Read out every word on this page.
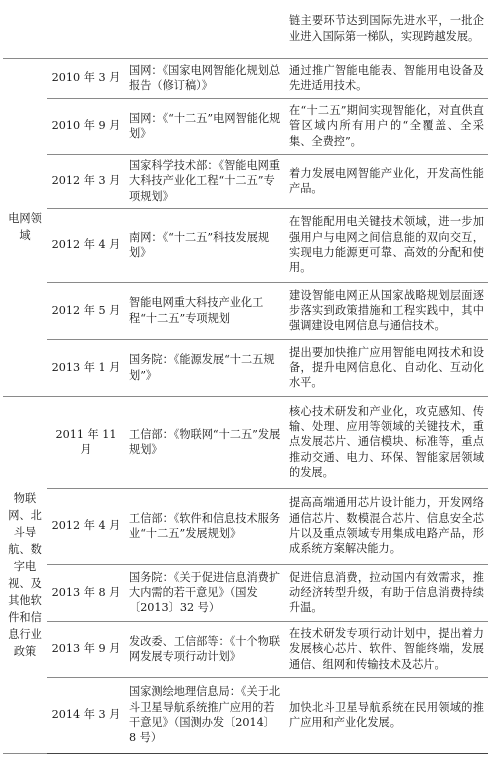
			链主要环节达到国际先进水平，一批企业进入国际第一梯队，实现跨越发展。
电网领域	2010 年 3 月	国网：《国家电网智能化规划总报告（修订稿）》	通过推广智能电能表、智能用电设备及先进适用技术。
	2010 年 9 月	国网：《“十二五”电网智能化规划》	在“十二五”期间实现智能化，对直供直管区域内所有用户的“全覆盖、全采集、全费控”。
	2012 年 3 月	国家科学技术部：《智能电网重大科技产业化工程“十二五”专项规划》	着力发展电网智能产业化，开发高性能产品。
	2012 年 4 月	南网：《“十二五”科技发展规划》	在智能配用电关键技术领域，进一步加强用户与电网之间信息能的双向交互，实现电力能源更可靠、高效的分配和使用。
	2012 年 5 月	智能电网重大科技产业化工程“十二五”专项规划	建设智能电网正从国家战略规划层面逐步落实到政策措施和工程实践中，其中强调建设电网信息与通信技术。
	2013 年 1 月	国务院：《能源发展“十二五规划”》	提出要加快推广应用智能电网技术和设备，提升电网信息化、自动化、互动化水平。
物联网、北斗导航、数字电视、及其他软件和信息行业政策	2011 年 11 月	工信部：《物联网“十二五”发展规划》	核心技术研发和产业化，攻克感知、传输、处理、应用等领域的关键技术，重点发展芯片、通信模块、标准等，重点推动交通、电力、环保、智能家居领域的发展。
	2012 年 4 月	工信部：《软件和信息技术服务业“十二五”发展规划》	提高高端通用芯片设计能力，开发网络通信芯片、数模混合芯片、信息安全芯片以及重点领域专用集成电路产品，形成系统方案解决能力。
	2013 年 8 月	国务院：《关于促进信息消费扩大内需的若干意见》（国发〔2013〕32 号）	促进信息消费，拉动国内有效需求，推动经济转型升级，有助于信息消费持续升温。
	2013 年 9 月	发改委、工信部等：《十个物联网发展专项行动计划》	在技术研发专项行动计划中，提出着力发展核心芯片、软件、智能终端，发展通信、组网和传输技术及芯片。
	2014 年 3 月	国家测绘地理信息局：《关于北斗卫星导航系统推广应用的若干意见》（国测办发〔2014〕8 号）	加快北斗卫星导航系统在民用领域的推广应用和产业化发展。
